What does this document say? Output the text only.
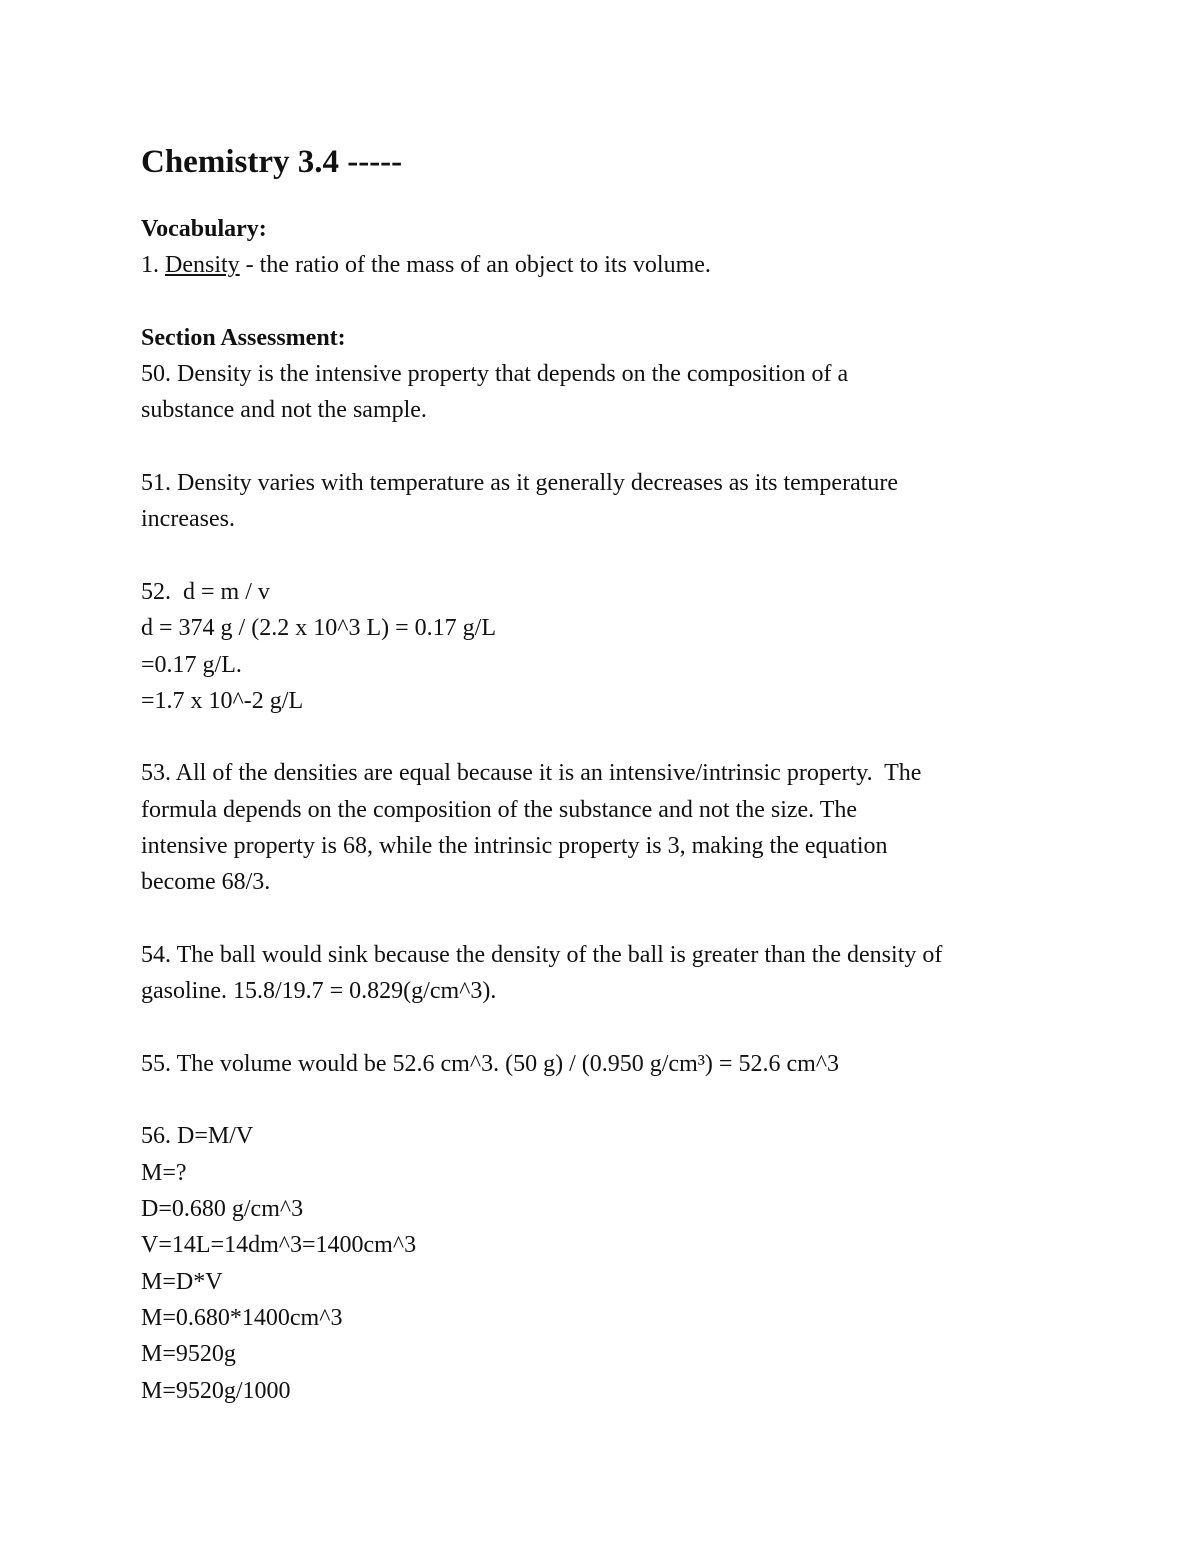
Chemistry 3.4 -----

Vocabulary:

1. Density - the ratio of the mass of an object to its volume.

Section Assessment:

50. Density is the intensive property that depends on the composition of a

substance and not the sample.

51. Density varies with temperature as it generally decreases as its temperature

increases.

52.  d = m / v

d = 374 g / (2.2 x 10^3 L) = 0.17 g/L

=0.17 g/L.

=1.7 x 10^-2 g/L

53. All of the densities are equal because it is an intensive/intrinsic property.  The

formula depends on the composition of the substance and not the size. The

intensive property is 68, while the intrinsic property is 3, making the equation

become 68/3.

54. The ball would sink because the density of the ball is greater than the density of

gasoline. 15.8/19.7 = 0.829(g/cm^3).

55. The volume would be 52.6 cm^3. (50 g) / (0.950 g/cm³) = 52.6 cm^3

56. D=M/V

M=?

D=0.680 g/cm^3

V=14L=14dm^3=1400cm^3

M=D*V

M=0.680*1400cm^3

M=9520g

M=9520g/1000
